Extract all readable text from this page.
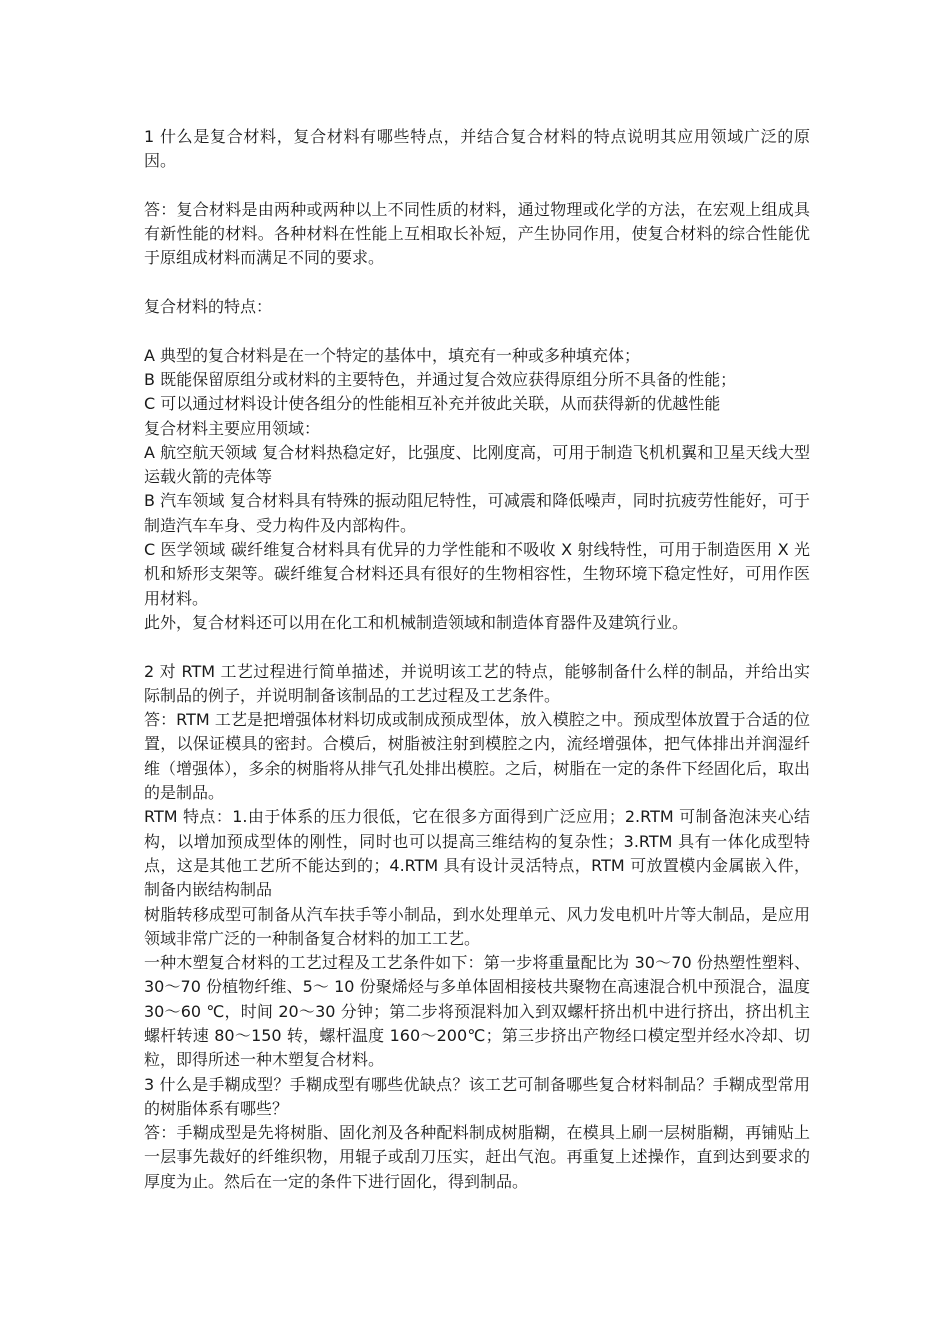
1 什么是复合材料，复合材料有哪些特点，并结合复合材料的特点说明其应用领域广泛的原因。

答：复合材料是由两种或两种以上不同性质的材料，通过物理或化学的方法，在宏观上组成具有新性能的材料。各种材料在性能上互相取长补短，产生协同作用，使复合材料的综合性能优于原组成材料而满足不同的要求。

复合材料的特点：

A 典型的复合材料是在一个特定的基体中，填充有一种或多种填充体；

B 既能保留原组分或材料的主要特色，并通过复合效应获得原组分所不具备的性能；

C 可以通过材料设计使各组分的性能相互补充并彼此关联，从而获得新的优越性能

复合材料主要应用领域：

A 航空航天领域 复合材料热稳定好，比强度、比刚度高，可用于制造飞机机翼和卫星天线大型运载火箭的壳体等

B 汽车领域 复合材料具有特殊的振动阻尼特性，可减震和降低噪声，同时抗疲劳性能好，可于制造汽车车身、受力构件及内部构件。

C 医学领域 碳纤维复合材料具有优异的力学性能和不吸收 X 射线特性，可用于制造医用 X 光机和矫形支架等。碳纤维复合材料还具有很好的生物相容性，生物环境下稳定性好，可用作医用材料。

此外，复合材料还可以用在化工和机械制造领域和制造体育器件及建筑行业。

2 对 RTM 工艺过程进行简单描述，并说明该工艺的特点，能够制备什么样的制品，并给出实际制品的例子，并说明制备该制品的工艺过程及工艺条件。

答：RTM 工艺是把增强体材料切成或制成预成型体，放入模腔之中。预成型体放置于合适的位置，以保证模具的密封。合模后，树脂被注射到模腔之内，流经增强体，把气体排出并润湿纤维（增强体），多余的树脂将从排气孔处排出模腔。之后，树脂在一定的条件下经固化后，取出的是制品。

RTM 特点：1.由于体系的压力很低，它在很多方面得到广泛应用；2.RTM 可制备泡沫夹心结构，以增加预成型体的刚性，同时也可以提高三维结构的复杂性；3.RTM 具有一体化成型特点，这是其他工艺所不能达到的；4.RTM 具有设计灵活特点，RTM 可放置模内金属嵌入件，制备内嵌结构制品

树脂转移成型可制备从汽车扶手等小制品，到水处理单元、风力发电机叶片等大制品，是应用领域非常广泛的一种制备复合材料的加工工艺。

一种木塑复合材料的工艺过程及工艺条件如下：第一步将重量配比为 30～70 份热塑性塑料、30～70 份植物纤维、5～ 10 份聚烯烃与多单体固相接枝共聚物在高速混合机中预混合，温度 30～60 ℃，时间 20～30 分钟；第二步将预混料加入到双螺杆挤出机中进行挤出，挤出机主螺杆转速 80～150 转，螺杆温度 160～200℃；第三步挤出产物经口模定型并经水冷却、切粒，即得所述一种木塑复合材料。

3 什么是手糊成型？手糊成型有哪些优缺点？该工艺可制备哪些复合材料制品？手糊成型常用的树脂体系有哪些？

答：手糊成型是先将树脂、固化剂及各种配料制成树脂糊，在模具上刷一层树脂糊，再铺贴上一层事先裁好的纤维织物，用辊子或刮刀压实，赶出气泡。再重复上述操作，直到达到要求的厚度为止。然后在一定的条件下进行固化，得到制品。
